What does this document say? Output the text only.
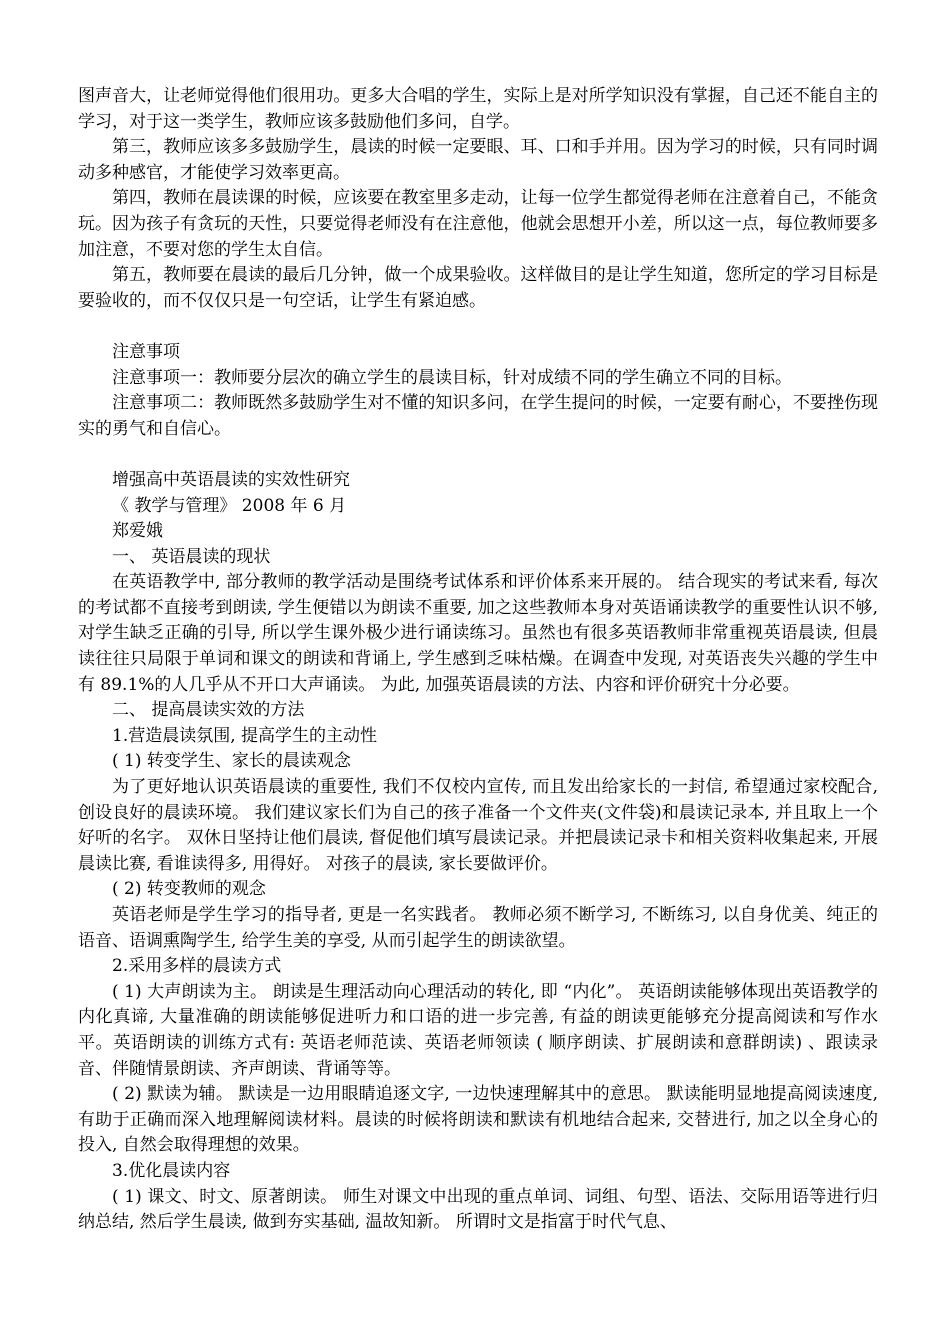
图声音大，让老师觉得他们很用功。更多大合唱的学生，实际上是对所学知识没有掌握，自己还不能自主的学习，对于这一类学生，教师应该多鼓励他们多问，自学。

第三，教师应该多多鼓励学生，晨读的时候一定要眼、耳、口和手并用。因为学习的时候，只有同时调动多种感官，才能使学习效率更高。

第四，教师在晨读课的时候，应该要在教室里多走动，让每一位学生都觉得老师在注意着自己，不能贪玩。因为孩子有贪玩的天性，只要觉得老师没有在注意他，他就会思想开小差，所以这一点，每位教师要多加注意，不要对您的学生太自信。

第五，教师要在晨读的最后几分钟，做一个成果验收。这样做目的是让学生知道，您所定的学习目标是要验收的，而不仅仅只是一句空话，让学生有紧迫感。

注意事项

注意事项一：教师要分层次的确立学生的晨读目标，针对成绩不同的学生确立不同的目标。

注意事项二：教师既然多鼓励学生对不懂的知识多问，在学生提问的时候，一定要有耐心，不要挫伤现实的勇气和自信心。

增强高中英语晨读的实效性研究

《 教学与管理》 2008 年 6 月

郑爱娥

一、 英语晨读的现状

在英语教学中, 部分教师的教学活动是围绕考试体系和评价体系来开展的。 结合现实的考试来看, 每次的考试都不直接考到朗读, 学生便错以为朗读不重要, 加之这些教师本身对英语诵读教学的重要性认识不够, 对学生缺乏正确的引导, 所以学生课外极少进行诵读练习。虽然也有很多英语教师非常重视英语晨读, 但晨读往往只局限于单词和课文的朗读和背诵上, 学生感到乏味枯燥。在调查中发现, 对英语丧失兴趣的学生中有 89.1%的人几乎从不开口大声诵读。 为此, 加强英语晨读的方法、内容和评价研究十分必要。

二、 提高晨读实效的方法

1.营造晨读氛围, 提高学生的主动性

( 1) 转变学生、家长的晨读观念

为了更好地认识英语晨读的重要性, 我们不仅校内宣传, 而且发出给家长的一封信, 希望通过家校配合, 创设良好的晨读环境。 我们建议家长们为自己的孩子准备一个文件夹(文件袋)和晨读记录本, 并且取上一个好听的名字。 双休日坚持让他们晨读, 督促他们填写晨读记录。并把晨读记录卡和相关资料收集起来, 开展晨读比赛, 看谁读得多, 用得好。 对孩子的晨读, 家长要做评价。

( 2) 转变教师的观念

英语老师是学生学习的指导者, 更是一名实践者。 教师必须不断学习, 不断练习, 以自身优美、纯正的语音、语调熏陶学生, 给学生美的享受, 从而引起学生的朗读欲望。

2.采用多样的晨读方式

( 1) 大声朗读为主。 朗读是生理活动向心理活动的转化, 即 “内化”。 英语朗读能够体现出英语教学的内化真谛, 大量准确的朗读能够促进听力和口语的进一步完善, 有益的朗读更能够充分提高阅读和写作水平。英语朗读的训练方式有: 英语老师范读、英语老师领读 ( 顺序朗读、扩展朗读和意群朗读) 、跟读录音、伴随情景朗读、齐声朗读、背诵等等。

( 2) 默读为辅。 默读是一边用眼睛追逐文字, 一边快速理解其中的意思。 默读能明显地提高阅读速度,有助于正确而深入地理解阅读材料。晨读的时候将朗读和默读有机地结合起来, 交替进行, 加之以全身心的投入, 自然会取得理想的效果。

3.优化晨读内容

( 1) 课文、时文、原著朗读。 师生对课文中出现的重点单词、词组、句型、语法、交际用语等进行归纳总结, 然后学生晨读, 做到夯实基础, 温故知新。 所谓时文是指富于时代气息、
